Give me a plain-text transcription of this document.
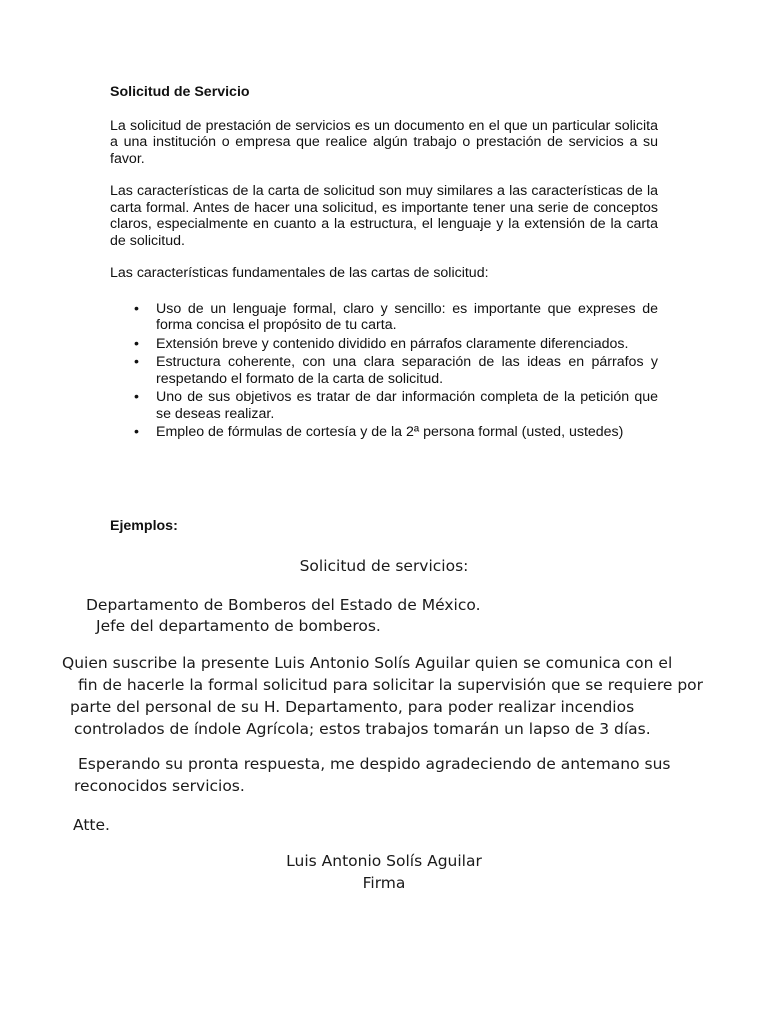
Solicitud de Servicio

La solicitud de prestación de servicios es un documento en el que un particular solicita a una institución o empresa que realice algún trabajo o prestación de servicios a su favor.

Las características de la carta de solicitud son muy similares a las características de la carta formal. Antes de hacer una solicitud, es importante tener una serie de conceptos claros, especialmente en cuanto a la estructura, el lenguaje y la extensión de la carta de solicitud.

Las características fundamentales de las cartas de solicitud:

• Uso de un lenguaje formal, claro y sencillo: es importante que expreses de forma concisa el propósito de tu carta.
• Extensión breve y contenido dividido en párrafos claramente diferenciados.
• Estructura coherente, con una clara separación de las ideas en párrafos y respetando el formato de la carta de solicitud.
• Uno de sus objetivos es tratar de dar información completa de la petición que se deseas realizar.
• Empleo de fórmulas de cortesía y de la 2ª persona formal (usted, ustedes)
Ejemplos:
Solicitud de servicios:
Departamento de Bomberos del Estado de México.
Jefe del departamento de bomberos.
Quien suscribe la presente Luis Antonio Solís Aguilar quien se comunica con el
fin de hacerle la formal solicitud para solicitar la supervisión que se requiere por
parte del personal de su H. Departamento, para poder realizar incendios
controlados de índole Agrícola; estos trabajos tomarán un lapso de 3 días.
Esperando su pronta respuesta, me despido agradeciendo de antemano sus
reconocidos servicios.
Atte.
Luis Antonio Solís Aguilar
Firma
